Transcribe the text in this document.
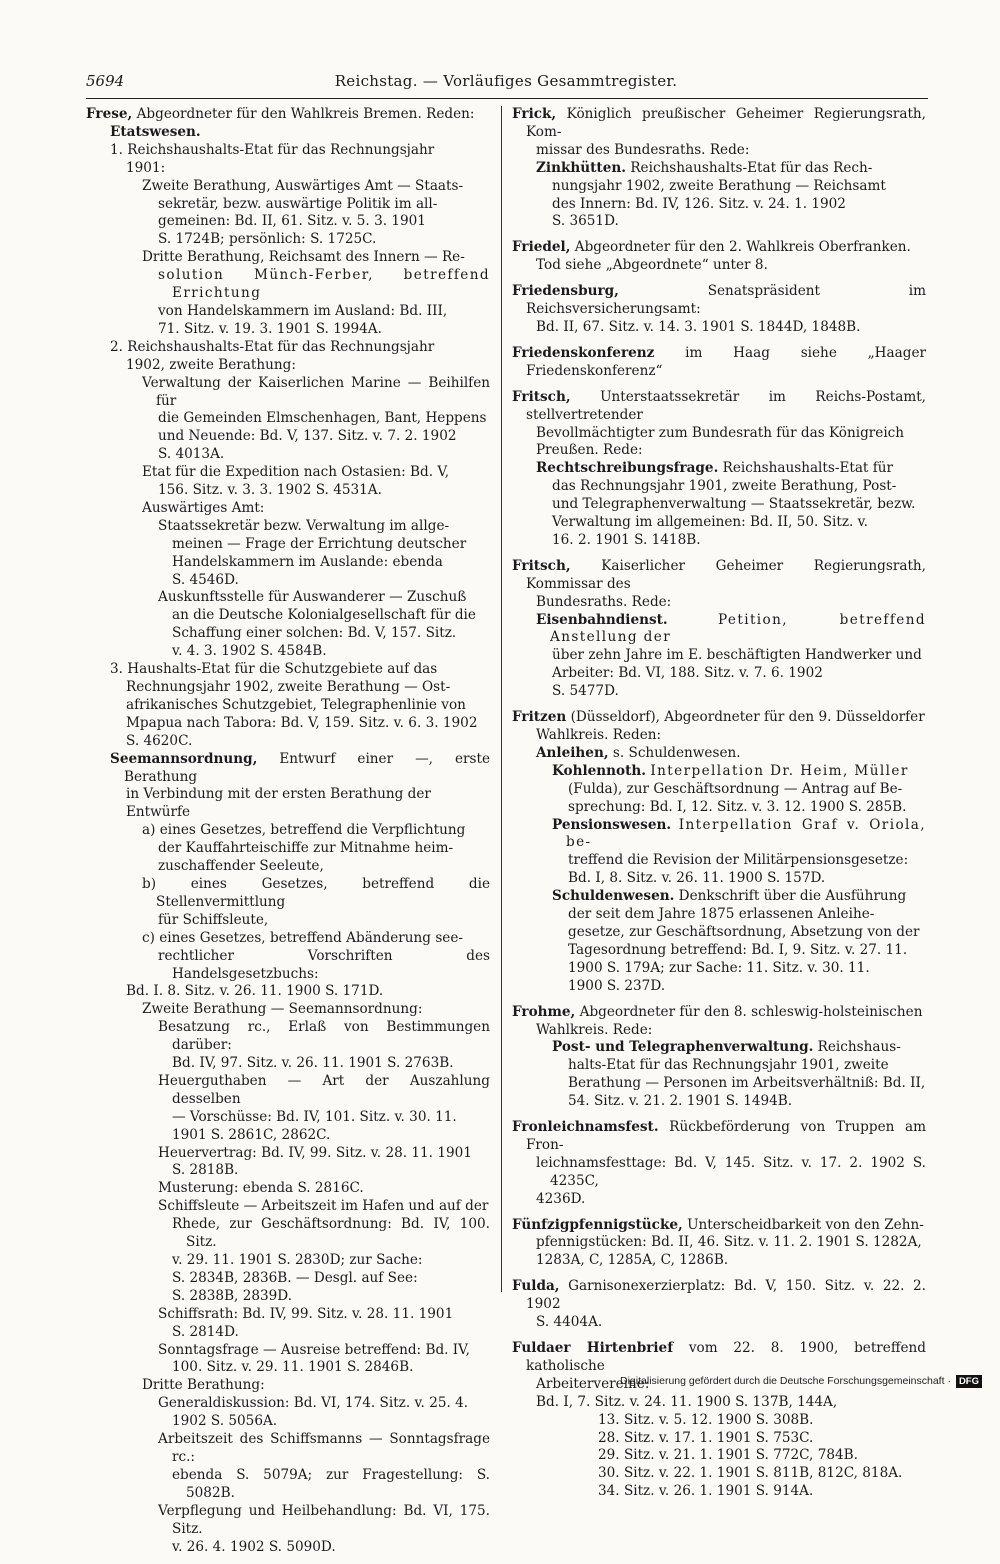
5694	Reichstag. — Vorläufiges Gesammtregister.
Frese, Abgeordneter für den Wahlkreis Bremen. Reden:
Etatswesen.
1. Reichshaushalts-Etat für das Rechnungsjahr
1901:
Zweite Berathung, Auswärtiges Amt — Staats-
sekretär, bezw. auswärtige Politik im all-
gemeinen: Bd. II, 61. Sitz. v. 5. 3. 1901
S. 1724B; persönlich: S. 1725C.
Dritte Berathung, Reichsamt des Innern — Re-
solution Münch-Ferber, betreffend Errichtung
von Handelskammern im Ausland: Bd. III,
71. Sitz. v. 19. 3. 1901 S. 1994A.
2. Reichshaushalts-Etat für das Rechnungsjahr
1902, zweite Berathung:
Verwaltung der Kaiserlichen Marine — Beihilfen für
die Gemeinden Elmschenhagen, Bant, Heppens
und Neuende: Bd. V, 137. Sitz. v. 7. 2. 1902
S. 4013A.
Etat für die Expedition nach Ostasien: Bd. V,
156. Sitz. v. 3. 3. 1902 S. 4531A.
Auswärtiges Amt:
Staatssekretär bezw. Verwaltung im allge-
meinen — Frage der Errichtung deutscher
Handelskammern im Auslande: ebenda
S. 4546D.
Auskunftsstelle für Auswanderer — Zuschuß
an die Deutsche Kolonialgesellschaft für die
Schaffung einer solchen: Bd. V, 157. Sitz.
v. 4. 3. 1902 S. 4584B.
3. Haushalts-Etat für die Schutzgebiete auf das
Rechnungsjahr 1902, zweite Berathung — Ost-
afrikanisches Schutzgebiet, Telegraphenlinie von
Mpapua nach Tabora: Bd. V, 159. Sitz. v. 6. 3. 1902
S. 4620C.
Seemannsordnung, Entwurf einer —, erste Berathung
in Verbindung mit der ersten Berathung der
Entwürfe
a) eines Gesetzes, betreffend die Verpflichtung
der Kauffahrteischiffe zur Mitnahme heim-
zuschaffender Seeleute,
b) eines Gesetzes, betreffend die Stellenvermittlung
für Schiffsleute,
c) eines Gesetzes, betreffend Abänderung see-
rechtlicher Vorschriften des Handelsgesetzbuchs:
Bd. I. 8. Sitz. v. 26. 11. 1900 S. 171D.
Zweite Berathung — Seemannsordnung:
Besatzung rc., Erlaß von Bestimmungen darüber:
Bd. IV, 97. Sitz. v. 26. 11. 1901 S. 2763B.
Heuerguthaben — Art der Auszahlung desselben
— Vorschüsse: Bd. IV, 101. Sitz. v. 30. 11.
1901 S. 2861C, 2862C.
Heuervertrag: Bd. IV, 99. Sitz. v. 28. 11. 1901
S. 2818B.
Musterung: ebenda S. 2816C.
Schiffsleute — Arbeitszeit im Hafen und auf der
Rhede, zur Geschäftsordnung: Bd. IV, 100. Sitz.
v. 29. 11. 1901 S. 2830D; zur Sache:
S. 2834B, 2836B. — Desgl. auf See:
S. 2838B, 2839D.
Schiffsrath: Bd. IV, 99. Sitz. v. 28. 11. 1901
S. 2814D.
Sonntagsfrage — Ausreise betreffend: Bd. IV,
100. Sitz. v. 29. 11. 1901 S. 2846B.
Dritte Berathung:
Generaldiskussion: Bd. VI, 174. Sitz. v. 25. 4.
1902 S. 5056A.
Arbeitszeit des Schiffsmanns — Sonntagsfrage rc.:
ebenda S. 5079A; zur Fragestellung: S. 5082B.
Verpflegung und Heilbehandlung: Bd. VI, 175. Sitz.
v. 26. 4. 1902 S. 5090D.
Frick, Königlich preußischer Geheimer Regierungsrath, Kom-
missar des Bundesraths. Rede:
Zinkhütten. Reichshaushalts-Etat für das Rech-
nungsjahr 1902, zweite Berathung — Reichsamt
des Innern: Bd. IV, 126. Sitz. v. 24. 1. 1902
S. 3651D.
Friedel, Abgeordneter für den 2. Wahlkreis Oberfranken.
Tod siehe „Abgeordnete“ unter 8.
Friedensburg,	Senatspräsident im Reichsversicherungsamt:
Bd. II, 67. Sitz. v. 14. 3. 1901 S. 1844D, 1848B.
Friedenskonferenz im Haag siehe „Haager Friedenskonferenz“
Fritsch, Unterstaatssekretär im Reichs-Postamt, stellvertretender
Bevollmächtigter zum Bundesrath für das Königreich
Preußen. Rede:
Rechtschreibungsfrage. Reichshaushalts-Etat für
das Rechnungsjahr 1901, zweite Berathung, Post-
und Telegraphenverwaltung — Staatssekretär, bezw.
Verwaltung im allgemeinen: Bd. II, 50. Sitz. v.
16. 2. 1901 S. 1418B.
Fritsch, Kaiserlicher Geheimer Regierungsrath, Kommissar des
Bundesraths. Rede:
Eisenbahndienst.	Petition, betreffend Anstellung der
über zehn Jahre im E. beschäftigten Handwerker und
Arbeiter: Bd. VI, 188. Sitz. v. 7. 6. 1902
S. 5477D.
Fritzen (Düsseldorf), Abgeordneter für den 9. Düsseldorfer
Wahlkreis. Reden:
Anleihen, s. Schuldenwesen.
Kohlennoth. Interpellation Dr. Heim, Müller
(Fulda), zur Geschäftsordnung — Antrag auf Be-
sprechung: Bd. I, 12. Sitz. v. 3. 12. 1900 S. 285B.
Pensionswesen. Interpellation Graf v. Oriola, be-
treffend die Revision der Militärpensionsgesetze:
Bd. I, 8. Sitz. v. 26. 11. 1900 S. 157D.
Schuldenwesen. Denkschrift über die Ausführung
der seit dem Jahre 1875 erlassenen Anleihe-
gesetze, zur Geschäftsordnung, Absetzung von der
Tagesordnung betreffend: Bd. I, 9. Sitz. v. 27. 11.
1900 S. 179A; zur Sache: 11. Sitz. v. 30. 11.
1900 S. 237D.
Frohme, Abgeordneter für den 8. schleswig-holsteinischen
Wahlkreis. Rede:
Post- und Telegraphenverwaltung. Reichshaus-
halts-Etat für das Rechnungsjahr 1901, zweite
Berathung — Personen im Arbeitsverhältniß: Bd. II,
54. Sitz. v. 21. 2. 1901 S. 1494B.
Fronleichnamsfest. Rückbeförderung von Truppen am Fron-
leichnamsfesttage: Bd. V, 145. Sitz. v. 17. 2. 1902 S. 4235C,
4236D.
Fünfzigpfennigstücke, Unterscheidbarkeit von den Zehn-
pfennigstücken: Bd. II, 46. Sitz. v. 11. 2. 1901 S. 1282A,
1283A, C, 1285A, C, 1286B.
Fulda, Garnisonexerzierplatz: Bd. V, 150. Sitz. v. 22. 2. 1902
S. 4404A.
Fuldaer Hirtenbrief vom 22. 8. 1900, betreffend katholische
Arbeitervereine:
Bd. I, 7. Sitz. v. 24. 11. 1900 S. 137B, 144A,
13. Sitz. v. 5. 12. 1900 S. 308B.
28. Sitz. v. 17. 1. 1901 S. 753C.
29. Sitz. v. 21. 1. 1901 S. 772C, 784B.
30. Sitz. v. 22. 1. 1901 S. 811B, 812C, 818A.
34. Sitz. v. 26. 1. 1901 S. 914A.
Digitalisierung gefördert durch die Deutsche Forschungsgemeinschaft · DFG
